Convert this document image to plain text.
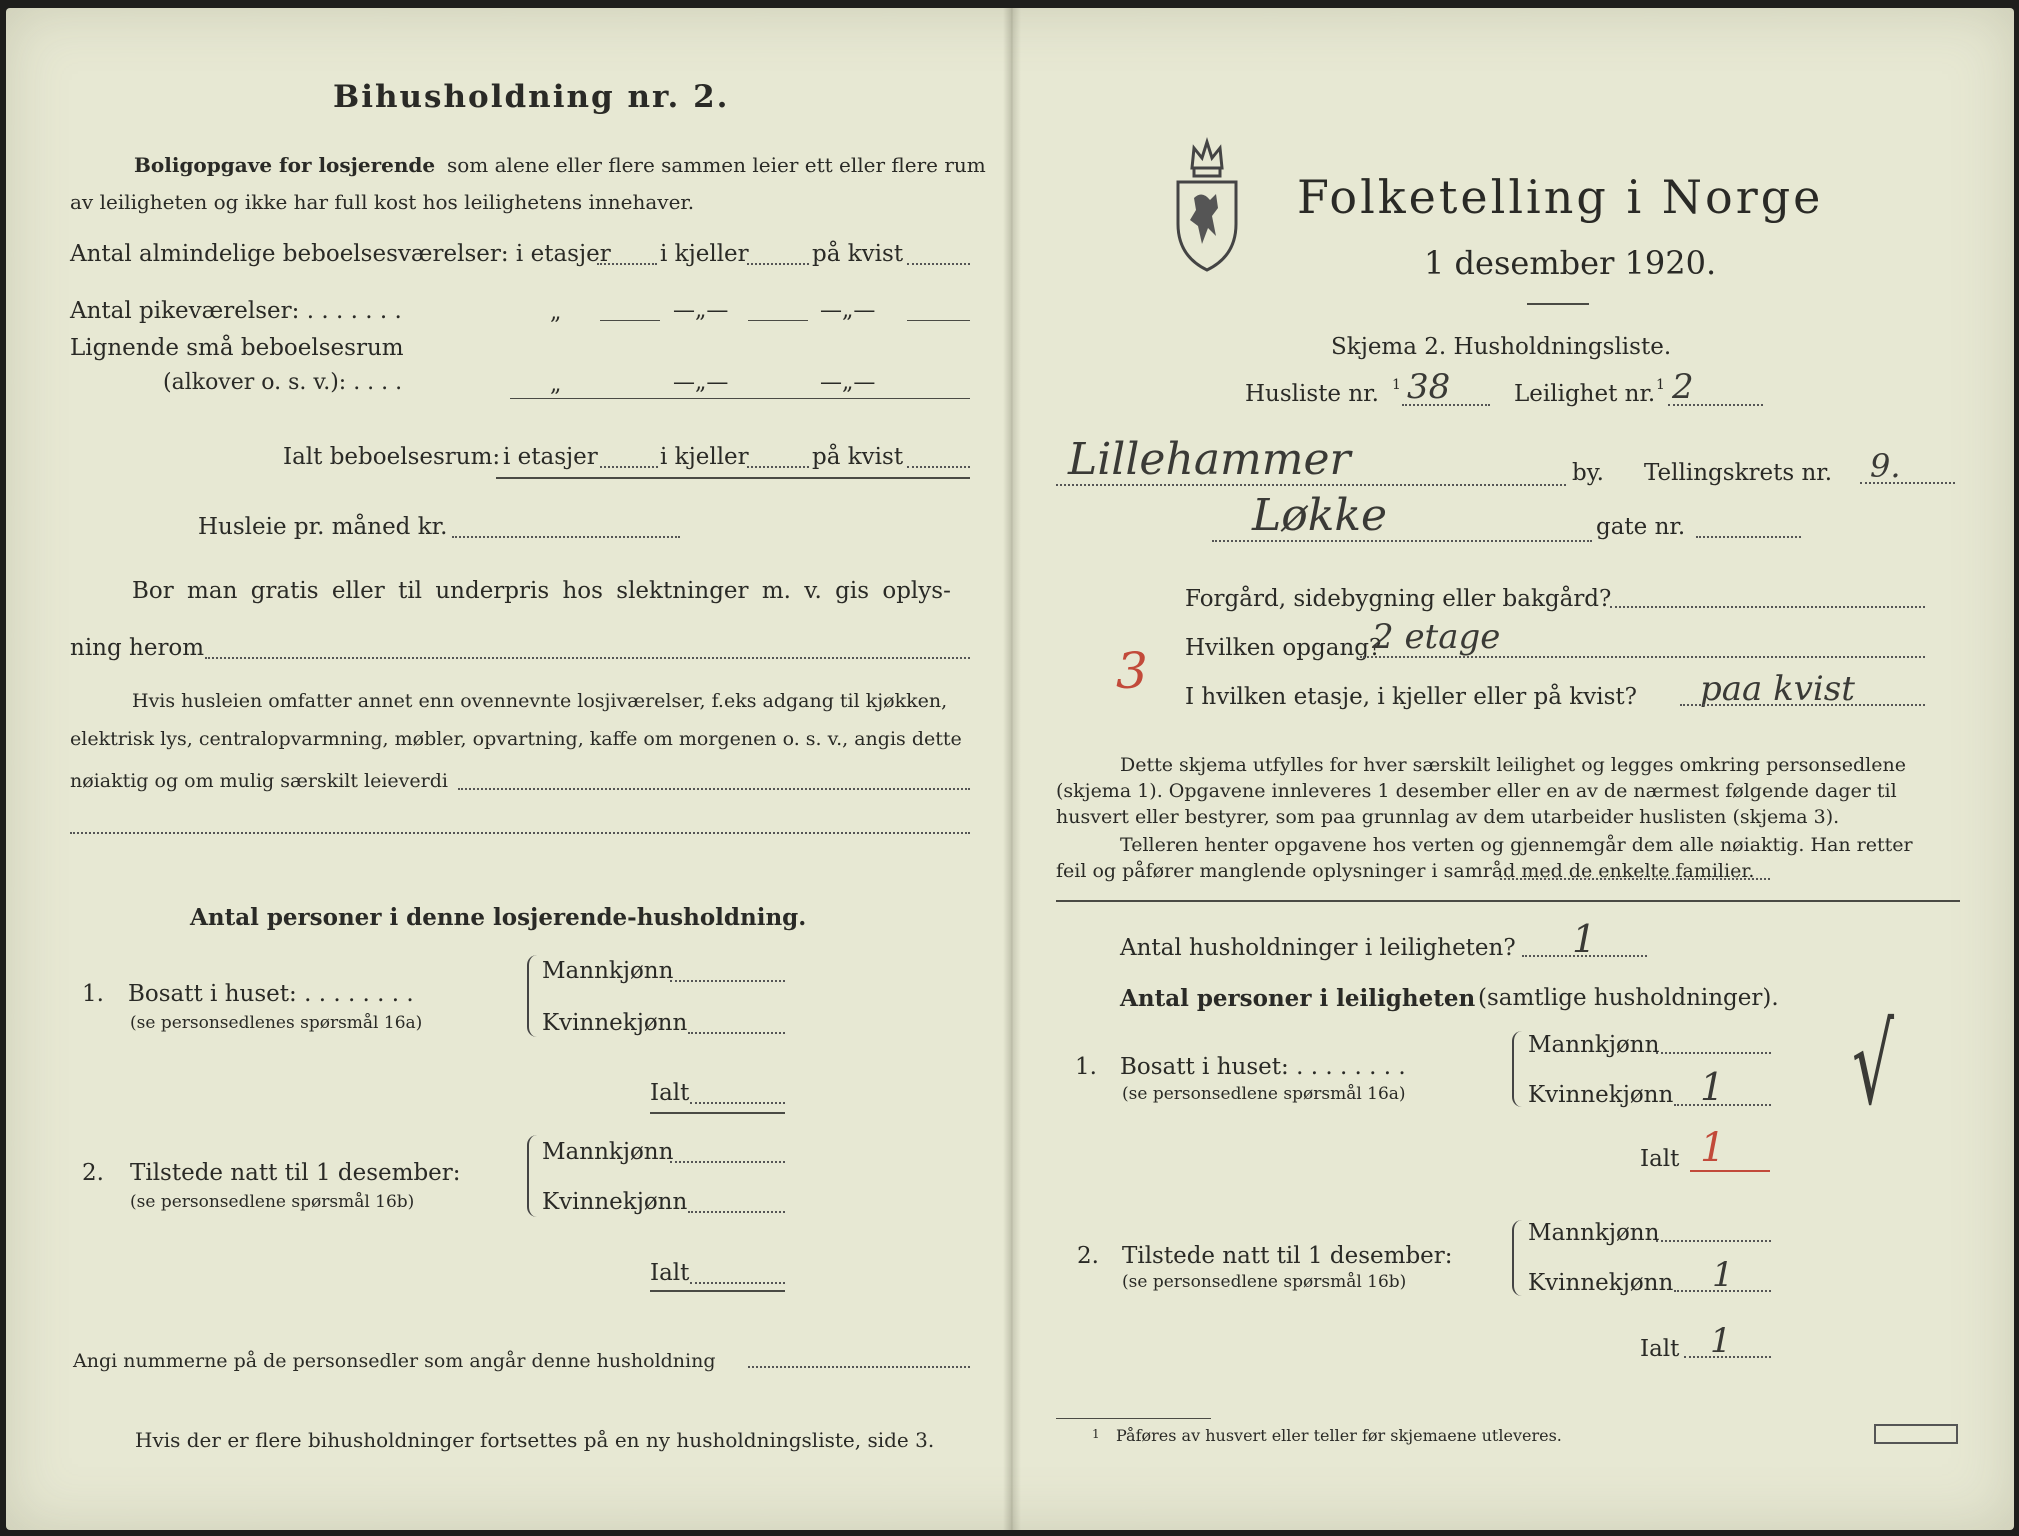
Bihusholdning nr. 2.
Boligopgave for losjerende som alene eller flere sammen leier ett eller flere rum
av leiligheten og ikke har full kost hos leilighetens innehaver.
Antal almindelige beboelsesværelser: i etasjer i kjeller	på kvist
Antal pikeværelser: . . . . . . .	„	—„—	—„—
Lignende små beboelsesrum
(alkover o. s. v.): . . . .	„	—„—	—„—
Ialt beboelsesrum: i etasjer	i kjeller	på kvist
Husleie pr. måned kr.
Bor man gratis eller til underpris hos slektninger m. v. gis oplys-
ning herom
Hvis husleien omfatter annet enn ovennevnte losjiværelser, f.eks adgang til kjøkken,
elektrisk lys, centralopvarmning, møbler, opvartning, kaffe om morgenen o. s. v., angis dette
nøiaktig og om mulig særskilt leieverdi
Antal personer i denne losjerende-husholdning.
1. Bosatt i huset: . . . . . . . .
(se personsedlenes spørsmål 16a)
Mannkjønn
Kvinnekjønn
Ialt
2. Tilstede natt til 1 desember:
(se personsedlene spørsmål 16b)
Mannkjønn
Kvinnekjønn
Ialt
Angi nummerne på de personsedler som angår denne husholdning
Hvis der er flere bihusholdninger fortsettes på en ny husholdningsliste, side 3.
Folketelling i Norge
1 desember 1920.
Skjema 2. Husholdningsliste.
Husliste nr. 1 38	Leilighet nr. 1 2
Lillehammer	by. Tellingskrets nr. 9.
Løkke	gate nr.
Forgård, sidebygning eller bakgård?
Hvilken opgang?
2 etage
3 I hvilken etasje, i kjeller eller på kvist? paa kvist
Dette skjema utfylles for hver særskilt leilighet og legges omkring personsedlene
(skjema 1). Opgavene innleveres 1 desember eller en av de nærmest følgende dager til
husvert eller bestyrer, som paa grunnlag av dem utarbeider huslisten (skjema 3).
Telleren henter opgavene hos verten og gjennemgår dem alle nøiaktig. Han retter
feil og påfører manglende oplysninger i samråd med de enkelte familier.
Antal husholdninger i leiligheten? 1
Antal personer i leiligheten (samtlige husholdninger).
1. Bosatt i huset: . . . . . . . .
(se personsedlene spørsmål 16a)
Mannkjønn
Kvinnekjønn 1
Ialt 1
√
2. Tilstede natt til 1 desember:
(se personsedlene spørsmål 16b)
Mannkjønn
Kvinnekjønn 1
Ialt 1
1 Påføres av husvert eller teller før skjemaene utleveres.
